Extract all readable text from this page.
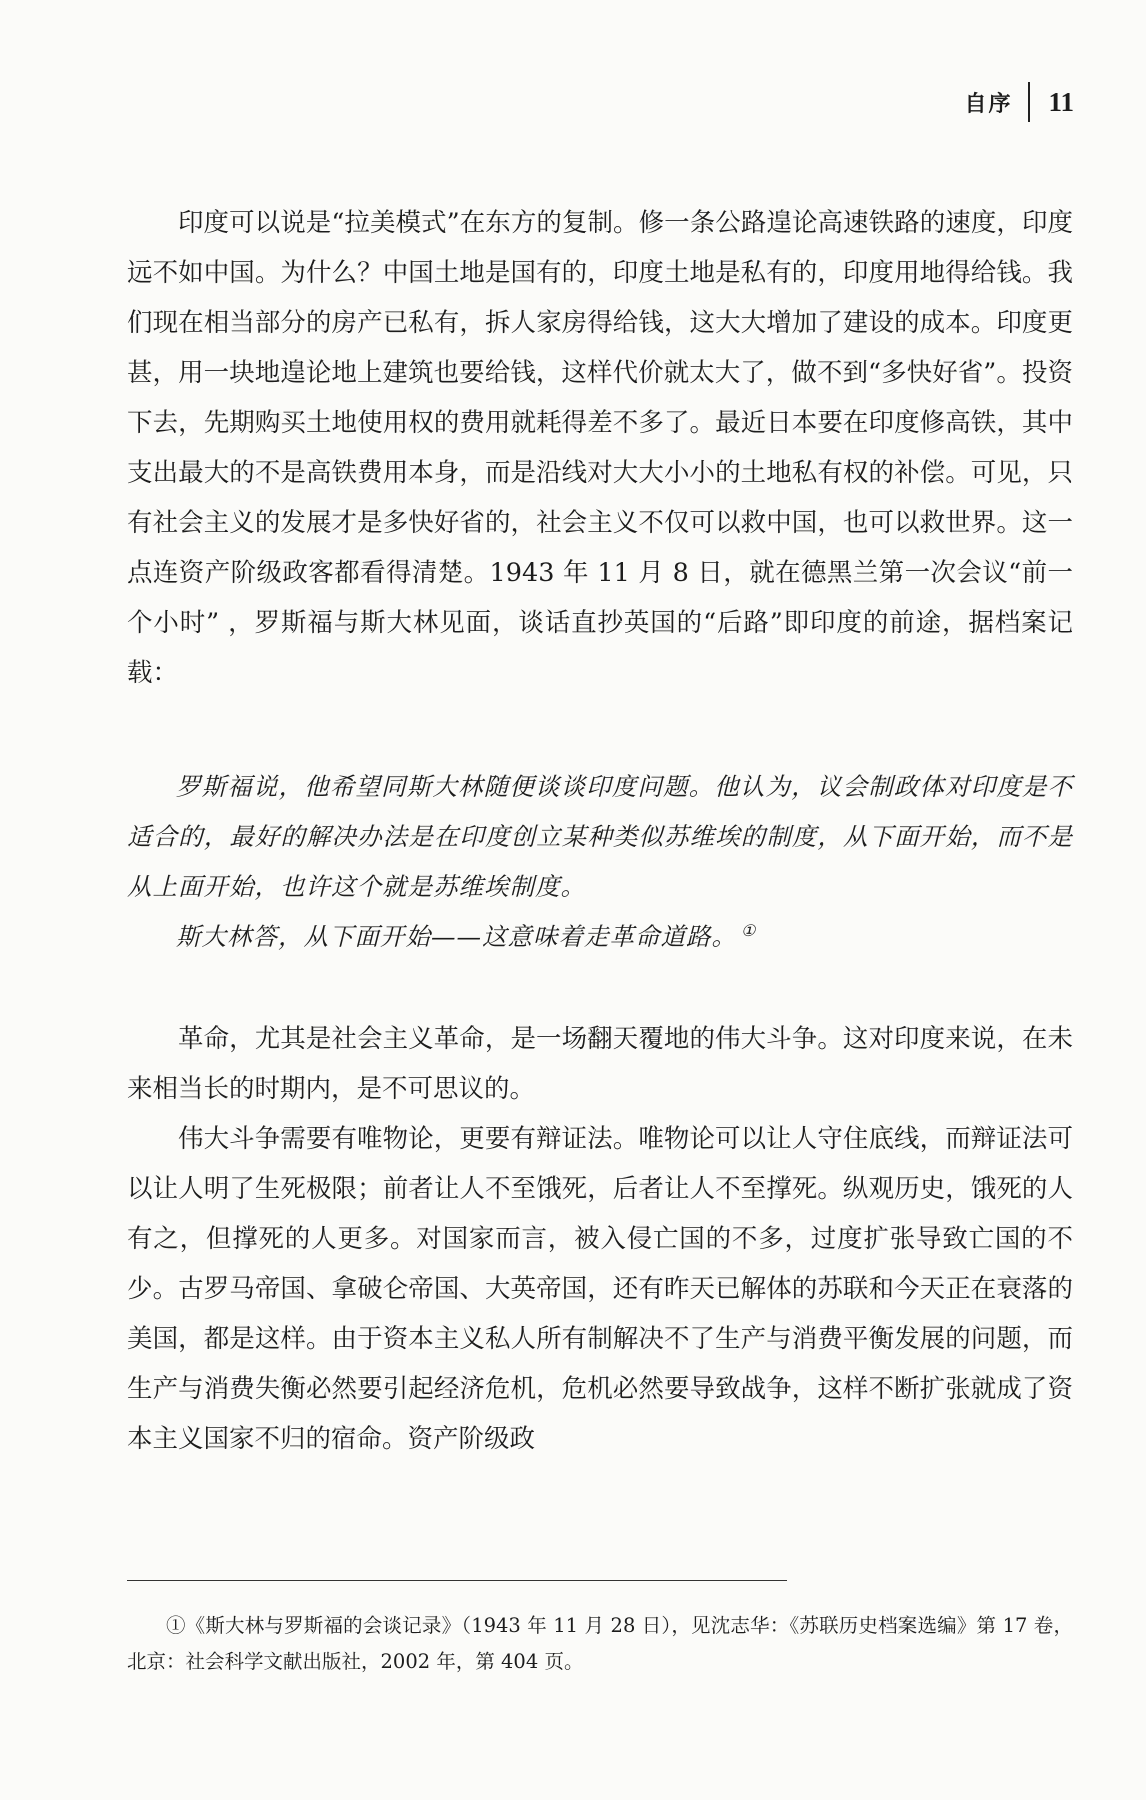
自序 11

印度可以说是“拉美模式”在东方的复制。修一条公路遑论高速铁路的速度，印度远不如中国。为什么？中国土地是国有的，印度土地是私有的，印度用地得给钱。我们现在相当部分的房产已私有，拆人家房得给钱，这大大增加了建设的成本。印度更甚，用一块地遑论地上建筑也要给钱，这样代价就太大了，做不到“多快好省”。投资下去，先期购买土地使用权的费用就耗得差不多了。最近日本要在印度修高铁，其中支出最大的不是高铁费用本身，而是沿线对大大小小的土地私有权的补偿。可见，只有社会主义的发展才是多快好省的，社会主义不仅可以救中国，也可以救世界。这一点连资产阶级政客都看得清楚。1943 年 11 月 8 日，就在德黑兰第一次会议“前一个小时” ，罗斯福与斯大林见面，谈话直抄英国的“后路”即印度的前途，据档案记载：

罗斯福说，他希望同斯大林随便谈谈印度问题。他认为，议会制政体对印度是不适合的，最好的解决办法是在印度创立某种类似苏维埃的制度，从下面开始，而不是从上面开始，也许这个就是苏维埃制度。

斯大林答，从下面开始——这意味着走革命道路。 ①

革命，尤其是社会主义革命，是一场翻天覆地的伟大斗争。这对印度来说，在未来相当长的时期内，是不可思议的。

伟大斗争需要有唯物论，更要有辩证法。唯物论可以让人守住底线，而辩证法可以让人明了生死极限；前者让人不至饿死，后者让人不至撑死。纵观历史，饿死的人有之，但撑死的人更多。对国家而言，被入侵亡国的不多，过度扩张导致亡国的不少。古罗马帝国、拿破仑帝国、大英帝国，还有昨天已解体的苏联和今天正在衰落的美国，都是这样。由于资本主义私人所有制解决不了生产与消费平衡发展的问题，而生产与消费失衡必然要引起经济危机，危机必然要导致战争，这样不断扩张就成了资本主义国家不归的宿命。资产阶级政

①《斯大林与罗斯福的会谈记录》（1943 年 11 月 28 日），见沈志华：《苏联历史档案选编》第 17 卷，北京：社会科学文献出版社，2002 年，第 404 页。
